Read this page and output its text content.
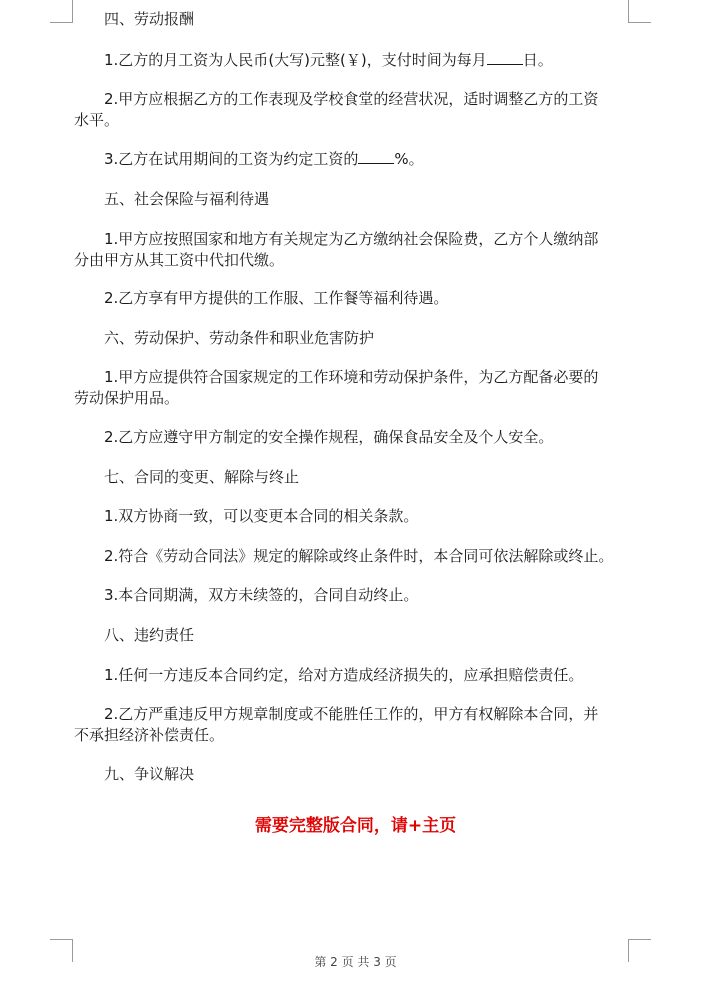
四、劳动报酬
1.乙方的月工资为人民币(大写)元整(￥)，支付时间为每月 日。
2.甲方应根据乙方的工作表现及学校食堂的经营状况，适时调整乙方的工资
水平。
3.乙方在试用期间的工资为约定工资的 %。
五、社会保险与福利待遇
1.甲方应按照国家和地方有关规定为乙方缴纳社会保险费，乙方个人缴纳部
分由甲方从其工资中代扣代缴。
2.乙方享有甲方提供的工作服、工作餐等福利待遇。
六、劳动保护、劳动条件和职业危害防护
1.甲方应提供符合国家规定的工作环境和劳动保护条件，为乙方配备必要的
劳动保护用品。
2.乙方应遵守甲方制定的安全操作规程，确保食品安全及个人安全。
七、合同的变更、解除与终止
1.双方协商一致，可以变更本合同的相关条款。
2.符合《劳动合同法》规定的解除或终止条件时，本合同可依法解除或终止。
3.本合同期满，双方未续签的，合同自动终止。
八、违约责任
1.任何一方违反本合同约定，给对方造成经济损失的，应承担赔偿责任。
2.乙方严重违反甲方规章制度或不能胜任工作的，甲方有权解除本合同，并
不承担经济补偿责任。
九、争议解决
需要完整版合同，请+主页
第 2 页 共 3 页
